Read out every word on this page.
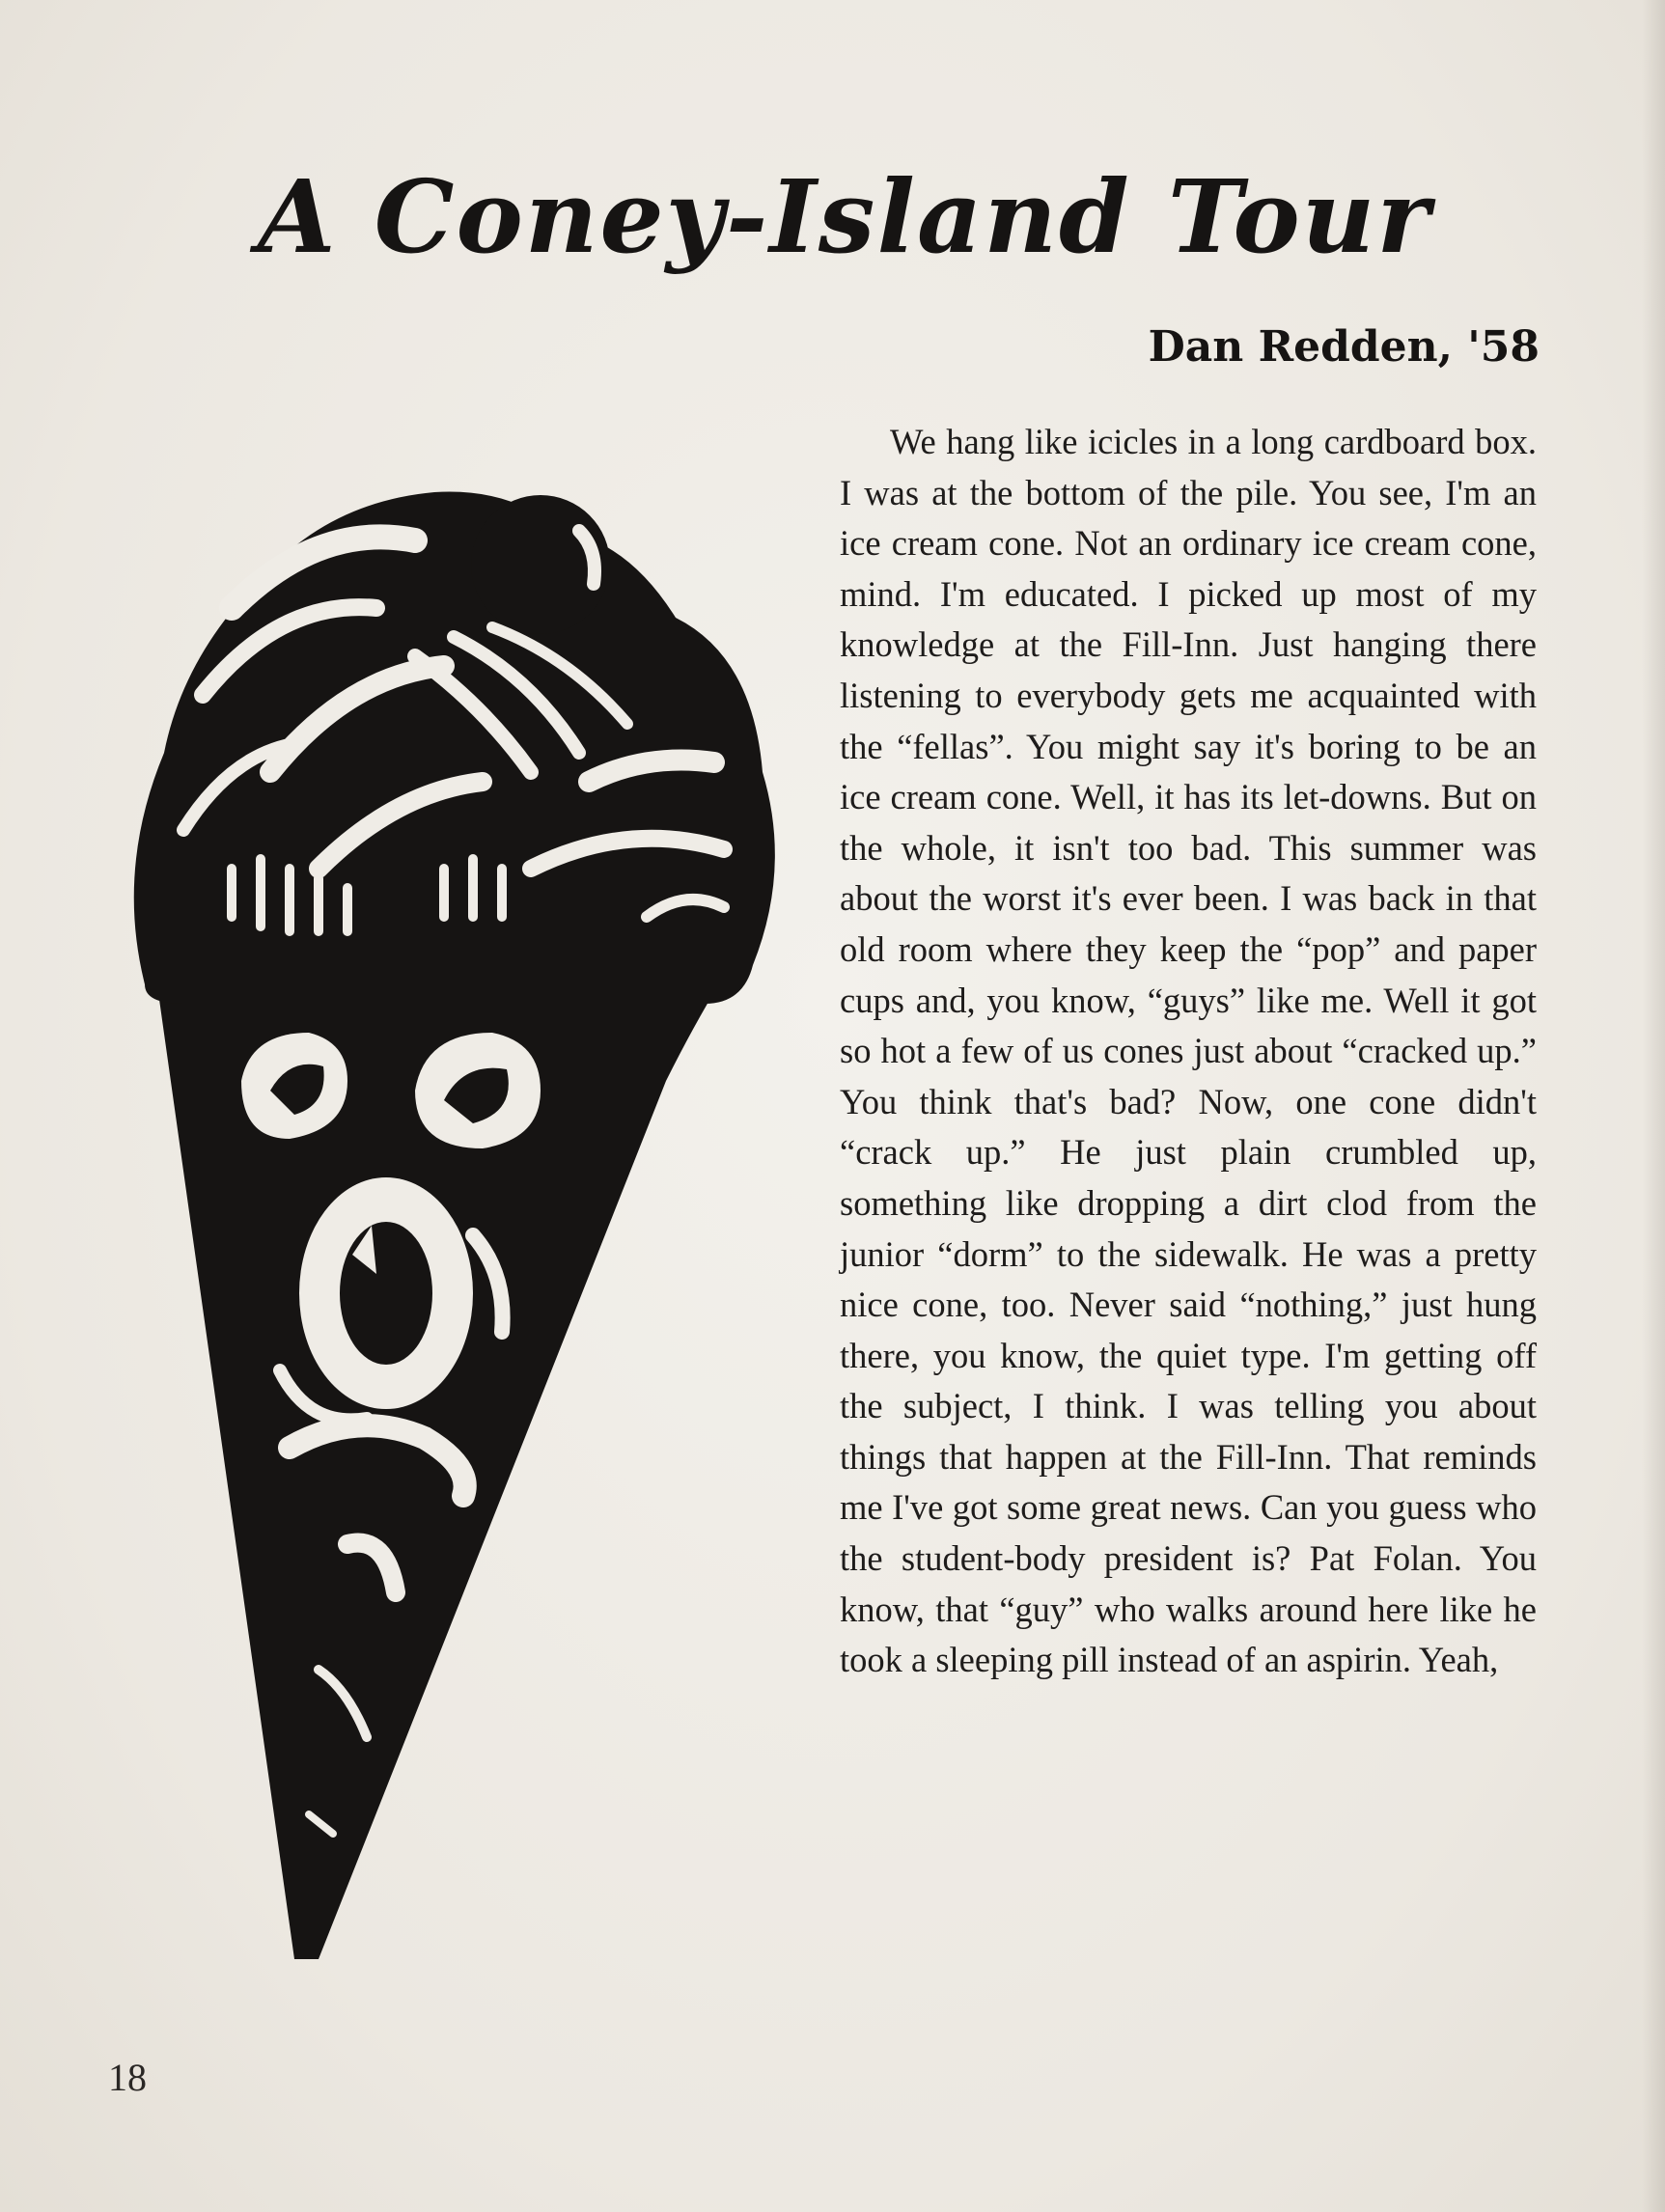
A Coney-Island Tour
Dan Redden, '58

We hang like icicles in a long cardboard box. I was at the bottom of the pile. You see, I'm an ice cream cone. Not an ordinary ice cream cone, mind. I'm educated. I picked up most of my knowledge at the Fill-Inn. Just hanging there listening to everybody gets me acquainted with the “fellas”. You might say it's boring to be an ice cream cone. Well, it has its let-downs. But on the whole, it isn't too bad. This summer was about the worst it's ever been. I was back in that old room where they keep the “pop” and paper cups and, you know, “guys” like me. Well it got so hot a few of us cones just about “cracked up.” You think that's bad? Now, one cone didn't “crack up.” He just plain crumbled up, something like dropping a dirt clod from the junior “dorm” to the sidewalk. He was a pretty nice cone, too. Never said “nothing,” just hung there, you know, the quiet type. I'm getting off the subject, I think. I was telling you about things that happen at the Fill-Inn. That reminds me I've got some great news. Can you guess who the student-body president is? Pat Folan. You know, that “guy” who walks around here like he took a sleeping pill instead of an aspirin. Yeah,

18
